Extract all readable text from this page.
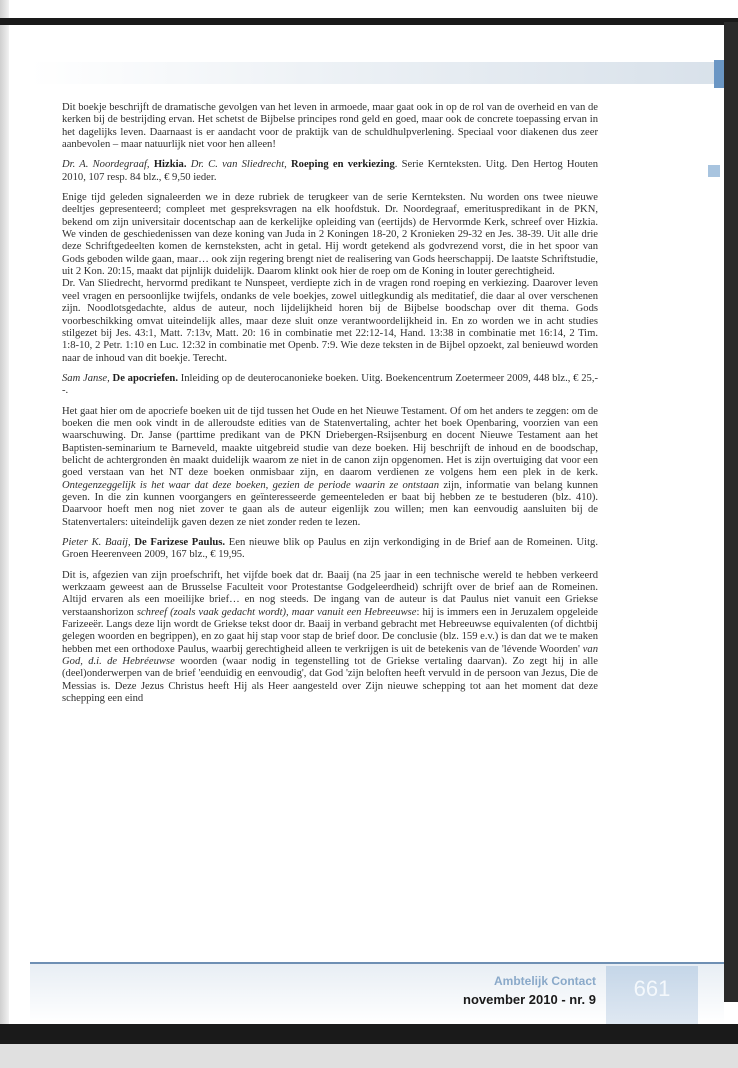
Dit boekje beschrijft de dramatische gevolgen van het leven in armoede, maar gaat ook in op de rol van de overheid en van de kerken bij de bestrijding ervan. Het schetst de Bijbelse principes rond geld en goed, maar ook de concrete toepassing ervan in het dagelijks leven. Daarnaast is er aandacht voor de praktijk van de schuldhulpverlening. Speciaal voor diakenen dus zeer aanbevolen – maar natuurlijk niet voor hen alleen!

Dr. A. Noordegraaf, Hizkia. Dr. C. van Sliedrecht, Roeping en verkiezing. Serie Kernteksten. Uitg. Den Hertog Houten 2010, 107 resp. 84 blz., € 9,50 ieder.

Enige tijd geleden signaleerden we in deze rubriek de terugkeer van de serie Kernteksten. Nu worden ons twee nieuwe deeltjes gepresenteerd; compleet met gespreksvragen na elk hoofdstuk. Dr. Noordegraaf, emerituspredikant in de PKN, bekend om zijn universitair docentschap aan de kerkelijke opleiding van (eertijds) de Hervormde Kerk, schreef over Hizkia. We vinden de geschiedenissen van deze koning van Juda in 2 Koningen 18-20, 2 Kronieken 29-32 en Jes. 38-39. Uit alle drie deze Schriftgedeelten komen de kernsteksten, acht in getal. Hij wordt getekend als godvrezend vorst, die in het spoor van Gods geboden wilde gaan, maar… ook zijn regering brengt niet de realisering van Gods heerschappij. De laatste Schriftstudie, uit 2 Kon. 20:15, maakt dat pijnlijk duidelijk. Daarom klinkt ook hier de roep om de Koning in louter gerechtigheid.

Dr. Van Sliedrecht, hervormd predikant te Nunspeet, verdiepte zich in de vragen rond roeping en verkiezing. Daarover leven veel vragen en persoonlijke twijfels, ondanks de vele boekjes, zowel uitlegkundig als meditatief, die daar al over verschenen zijn. Noodlotsgedachte, aldus de auteur, noch lijdelijkheid horen bij de Bijbelse boodschap over dit thema. Gods voorbeschikking omvat uiteindelijk alles, maar deze sluit onze verantwoordelijkheid in. En zo worden we in acht studies stilgezet bij Jes. 43:1, Matt. 7:13v, Matt. 20: 16 in combinatie met 22:12-14, Hand. 13:38 in combinatie met 16:14, 2 Tim. 1:8-10, 2 Petr. 1:10 en Luc. 12:32 in combinatie met Openb. 7:9. Wie deze teksten in de Bijbel opzoekt, zal benieuwd worden naar de inhoud van dit boekje. Terecht.

Sam Janse, De apocriefen. Inleiding op de deuterocanonieke boeken. Uitg. Boekencentrum Zoetermeer 2009, 448 blz., € 25,--.

Het gaat hier om de apocriefe boeken uit de tijd tussen het Oude en het Nieuwe Testament. Of om het anders te zeggen: om de boeken die men ook vindt in de alleroudste edities van de Statenvertaling, achter het boek Openbaring, voorzien van een waarschuwing. Dr. Janse (parttime predikant van de PKN Driebergen-Rsijsenburg en docent Nieuwe Testament aan het Baptisten-seminarium te Barneveld, maakte uitgebreid studie van deze boeken. Hij beschrijft de inhoud en de boodschap, belicht de achtergronden èn maakt duidelijk waarom ze niet in de canon zijn opgenomen. Het is zijn overtuiging dat voor een goed verstaan van het NT deze boeken onmisbaar zijn, en daarom verdienen ze volgens hem een plek in de kerk. Ontegenzeggelijk is het waar dat deze boeken, gezien de periode waarin ze ontstaan zijn, informatie van belang kunnen geven. In die zin kunnen voorgangers en geïnteresseerde gemeenteleden er baat bij hebben ze te bestuderen (blz. 410). Daarvoor hoeft men nog niet zover te gaan als de auteur eigenlijk zou willen; men kan eenvoudig aansluiten bij de Statenvertalers: uiteindelijk gaven dezen ze niet zonder reden te lezen.

Pieter K. Baaij, De Farizese Paulus. Een nieuwe blik op Paulus en zijn verkondiging in de Brief aan de Romeinen. Uitg. Groen Heerenveen 2009, 167 blz., € 19,95.

Dit is, afgezien van zijn proefschrift, het vijfde boek dat dr. Baaij (na 25 jaar in een technische wereld te hebben verkeerd werkzaam geweest aan de Brusselse Faculteit voor Protestantse Godgeleerdheid) schrijft over de brief aan de Romeinen. Altijd ervaren als een moeilijke brief… en nog steeds. De ingang van de auteur is dat Paulus niet vanuit een Griekse verstaanshorizon schreef (zoals vaak gedacht wordt), maar vanuit een Hebreeuwse: hij is immers een in Jeruzalem opgeleide Farizeeër. Langs deze lijn wordt de Griekse tekst door dr. Baaij in verband gebracht met Hebreeuwse equivalenten (of dichtbij gelegen woorden en begrippen), en zo gaat hij stap voor stap de brief door. De conclusie (blz. 159 e.v.) is dan dat we te maken hebben met een orthodoxe Paulus, waarbij gerechtigheid alleen te verkrijgen is uit de betekenis van de 'lévende Woorden' van God, d.i. de Hebréeuwse woorden (waar nodig in tegenstelling tot de Griekse vertaling daarvan). Zo zegt hij in alle (deel)onderwerpen van de brief 'eenduidig en eenvoudig', dat God 'zijn beloften heeft vervuld in de persoon van Jezus, Die de Messias is. Deze Jezus Christus heeft Hij als Heer aangesteld over Zijn nieuwe schepping tot aan het moment dat deze schepping een eind

Ambtelijk Contact
november 2010 - nr. 9	661
